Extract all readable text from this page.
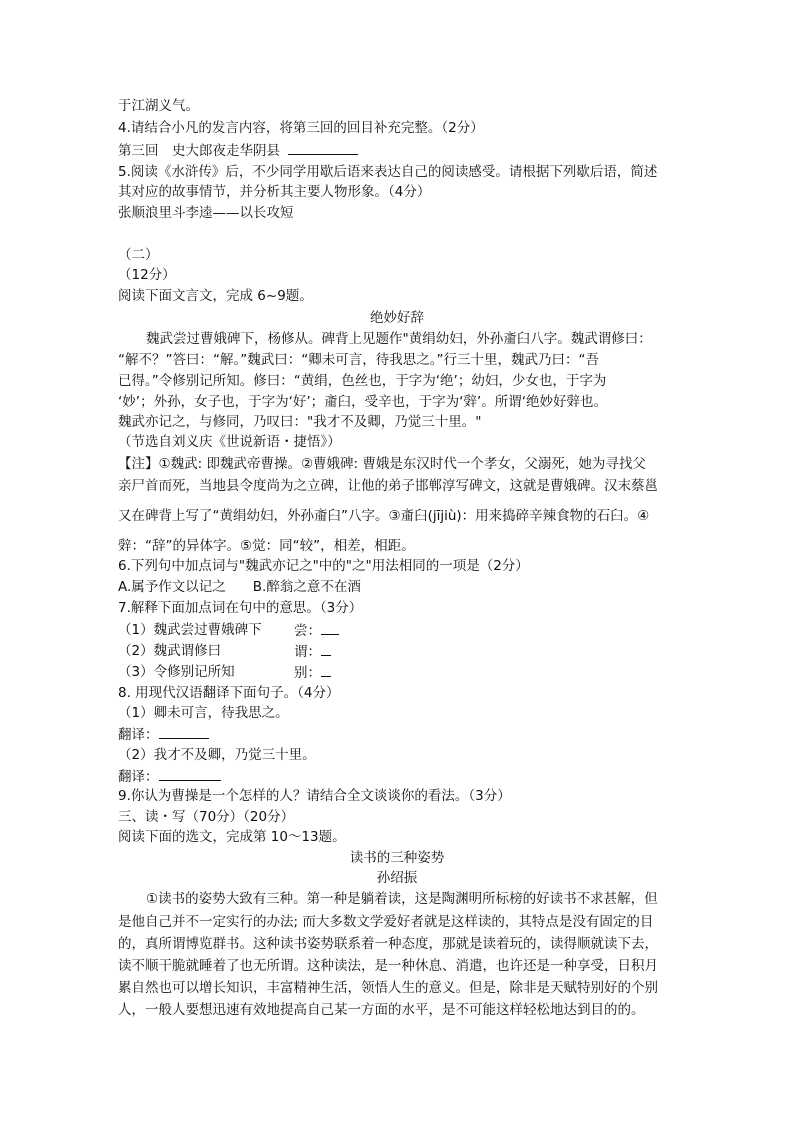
于江湖义气。
4.请结合小凡的发言内容，将第三回的回目补充完整。（2分）
第三回　史大郎夜走华阴县
5.阅读《水浒传》后，不少同学用歇后语来表达自己的阅读感受。请根据下列歇后语，简述
其对应的故事情节，并分析其主要人物形象。（4分）
张顺浪里斗李逵——以长攻短
（二）
（12分）
阅读下面文言文，完成 6~9题。
绝妙好辞
魏武尝过曹娥碑下，杨修从。碑背上见题作"黄绢幼妇，外孙齑臼八字。魏武谓修曰：
“解不？”答曰：“解。”魏武曰：“卿未可言，待我思之。”行三十里，魏武乃曰：“吾
已得。”令修别记所知。修曰：“黄绢，色丝也，于字为‘绝’；幼妇，少女也，于字为
‘妙’；外孙，女子也，于字为‘好’；齑臼，受辛也，于字为‘辤’。所谓‘绝妙好辤也。
魏武亦记之，与修同，乃叹曰："我才不及卿，乃觉三十里。"
（节选自刘义庆《世说新语・捷悟》）
【注】①魏武: 即魏武帝曹操。②曹娥碑: 曹娥是东汉时代一个孝女，父溺死，她为寻找父
亲尸首而死，当地县令度尚为之立碑，让他的弟子邯郸淳写碑文，这就是曹娥碑。汉末蔡邕
又在碑背上写了“黄绢幼妇，外孙齑臼”八字。③齑臼(jījiù)：用来捣碎辛辣食物的石臼。④
辤：“辞”的异体字。⑤觉：同“较”，相差，相距。
6.下列句中加点词与"魏武亦记之"中的"之"用法相同的一项是（2分）
A.属予作文以记之　　B.醉翁之意不在酒
7.解释下面加点词在句中的意思。（3分）
（1）魏武尝过曹娥碑下 尝：
（2）魏武谓修曰	谓：
（3）令修别记所知	别：
8. 用现代汉语翻译下面句子。（4分）
（1）卿未可言，待我思之。
翻译：
（2）我才不及卿，乃觉三十里。
翻译：
9.你认为曹操是一个怎样的人？请结合全文谈谈你的看法。（3分）
三、读・写（70分）（20分）
阅读下面的选文，完成第 10～13题。
读书的三种姿势
孙绍振
①读书的姿势大致有三种。第一种是躺着读，这是陶渊明所标榜的好读书不求甚解，但
是他自己并不一定实行的办法; 而大多数文学爱好者就是这样读的，其特点是没有固定的目
的，真所谓博览群书。这种读书姿势联系着一种态度，那就是读着玩的，读得顺就读下去，
读不顺干脆就睡着了也无所谓。这种读法，是一种休息、消遣，也许还是一种享受，日积月
累自然也可以增长知识，丰富精神生活，领悟人生的意义。但是，除非是天赋特别好的个别
人，一般人要想迅速有效地提高自己某一方面的水平，是不可能这样轻松地达到目的的。
